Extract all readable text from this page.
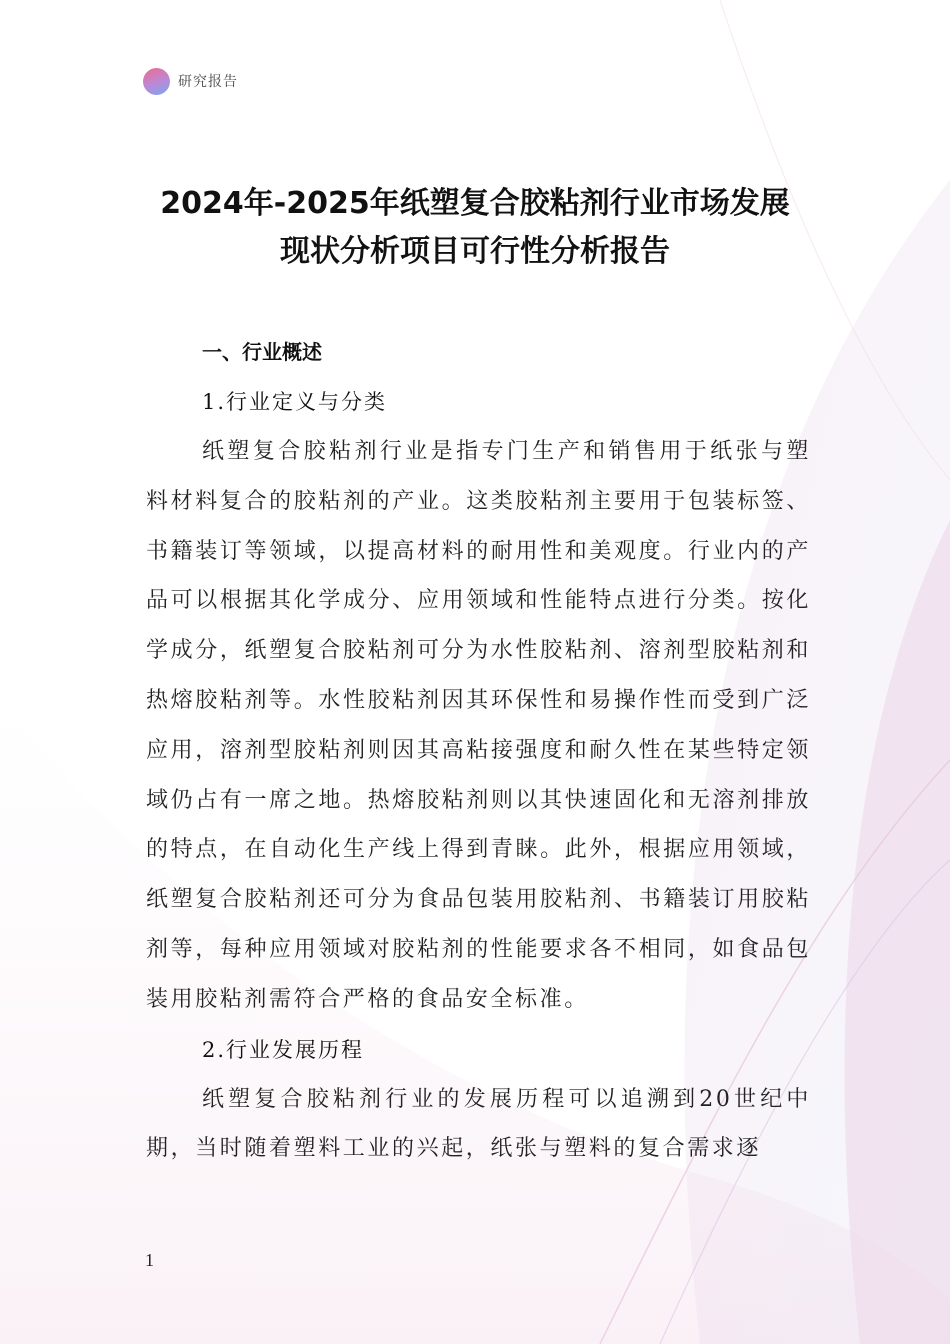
研究报告
2024年-2025年纸塑复合胶粘剂行业市场发展
现状分析项目可行性分析报告
一、行业概述
1.行业定义与分类

纸塑复合胶粘剂行业是指专门生产和销售用于纸张与塑料材料复合的胶粘剂的产业。这类胶粘剂主要用于包装标签、书籍装订等领域，以提高材料的耐用性和美观度。行业内的产品可以根据其化学成分、应用领域和性能特点进行分类。按化学成分，纸塑复合胶粘剂可分为水性胶粘剂、溶剂型胶粘剂和热熔胶粘剂等。水性胶粘剂因其环保性和易操作性而受到广泛应用，溶剂型胶粘剂则因其高粘接强度和耐久性在某些特定领域仍占有一席之地。热熔胶粘剂则以其快速固化和无溶剂排放的特点，在自动化生产线上得到青睐。此外，根据应用领域，纸塑复合胶粘剂还可分为食品包装用胶粘剂、书籍装订用胶粘剂等，每种应用领域对胶粘剂的性能要求各不相同，如食品包装用胶粘剂需符合严格的食品安全标准。

2.行业发展历程

纸塑复合胶粘剂行业的发展历程可以追溯到20世纪中期，当时随着塑料工业的兴起，纸张与塑料的复合需求逐

1
